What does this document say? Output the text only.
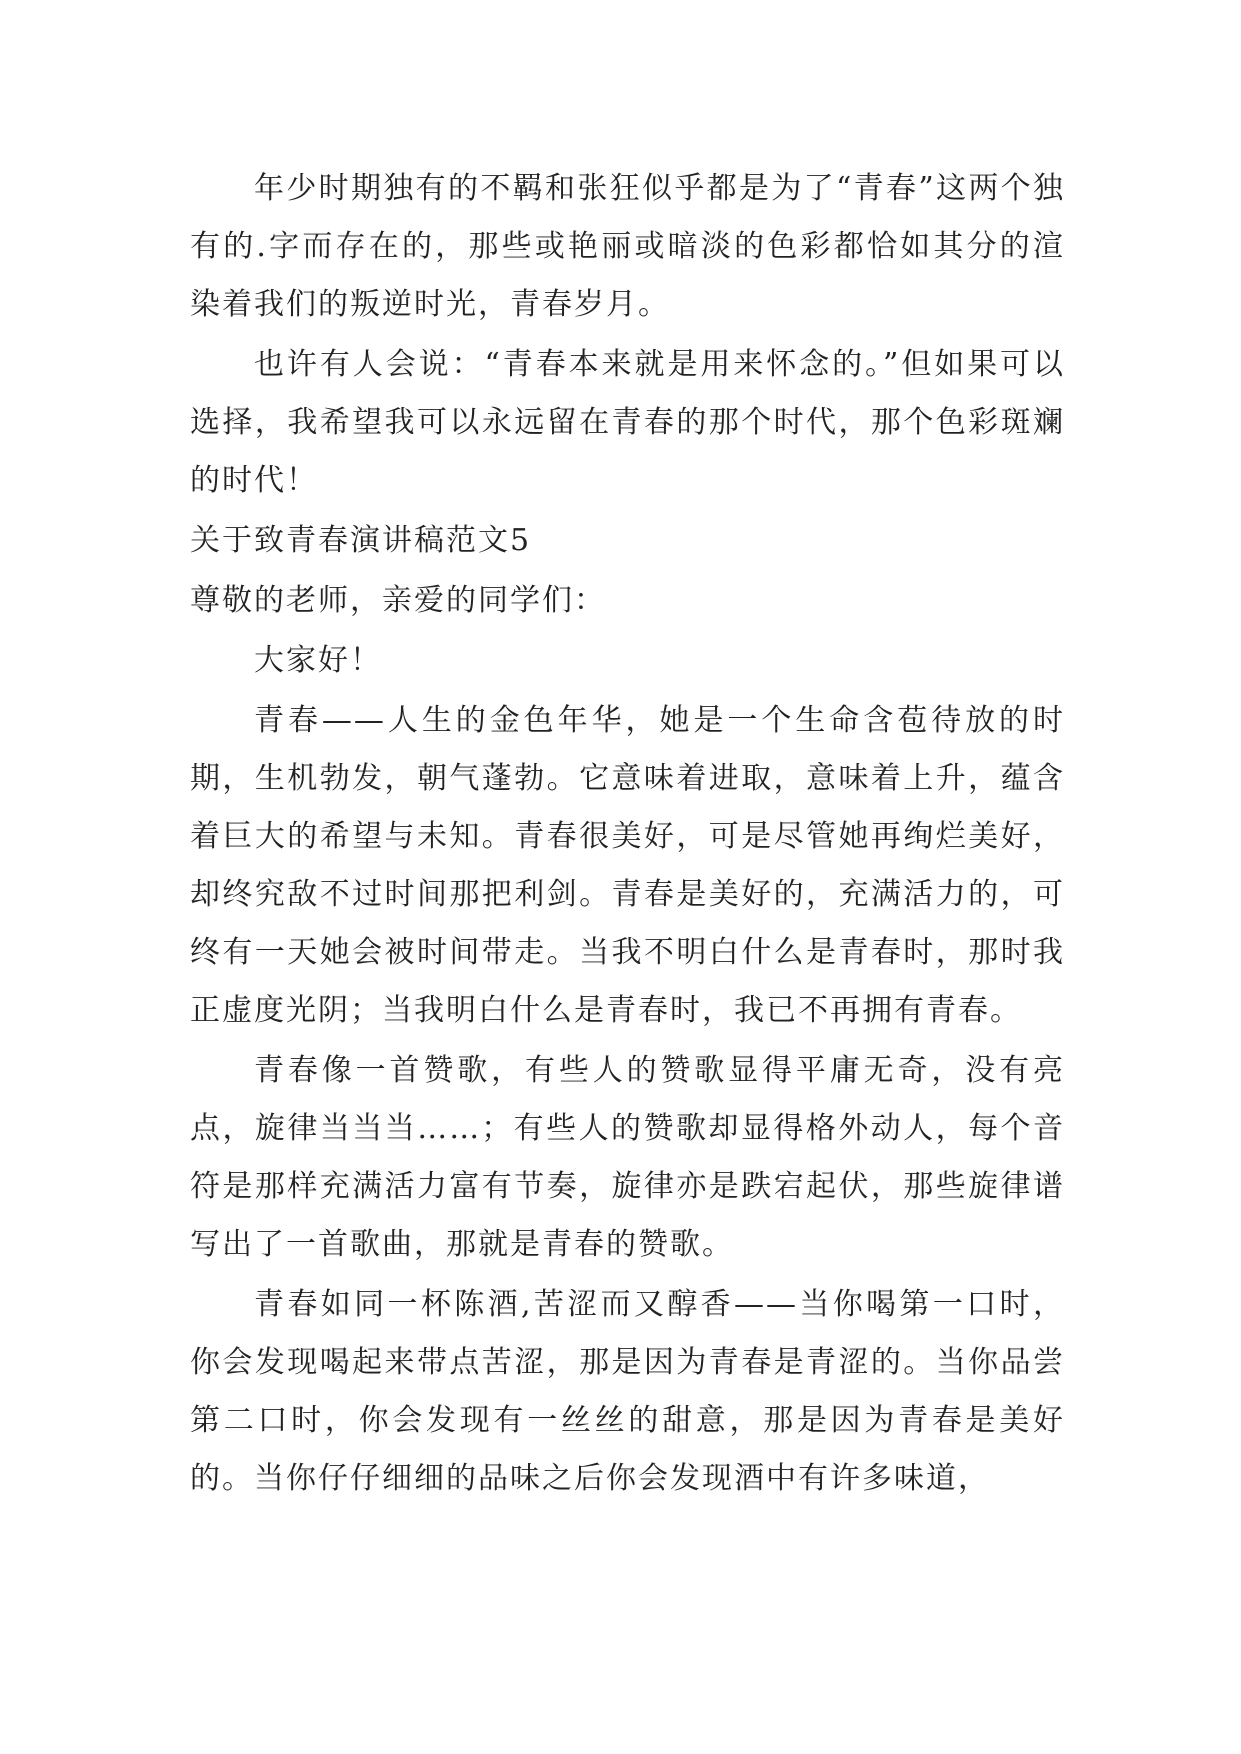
年少时期独有的不羁和张狂似乎都是为了“青春”这两个独有的.字而存在的，那些或艳丽或暗淡的色彩都恰如其分的渲染着我们的叛逆时光，青春岁月。

也许有人会说：“青春本来就是用来怀念的。”但如果可以选择，我希望我可以永远留在青春的那个时代，那个色彩斑斓的时代！

关于致青春演讲稿范文5

尊敬的老师，亲爱的同学们：

大家好！

青春——人生的金色年华，她是一个生命含苞待放的时期，生机勃发，朝气蓬勃。它意味着进取，意味着上升，蕴含着巨大的希望与未知。青春很美好，可是尽管她再绚烂美好，却终究敌不过时间那把利剑。青春是美好的，充满活力的，可终有一天她会被时间带走。当我不明白什么是青春时，那时我正虚度光阴；当我明白什么是青春时，我已不再拥有青春。

青春像一首赞歌，有些人的赞歌显得平庸无奇，没有亮点，旋律当当当……；有些人的赞歌却显得格外动人，每个音符是那样充满活力富有节奏，旋律亦是跌宕起伏，那些旋律谱写出了一首歌曲，那就是青春的赞歌。

青春如同一杯陈酒,苦涩而又醇香——当你喝第一口时，你会发现喝起来带点苦涩，那是因为青春是青涩的。当你品尝第二口时，你会发现有一丝丝的甜意，那是因为青春是美好的。当你仔仔细细的品味之后你会发现酒中有许多味道，
